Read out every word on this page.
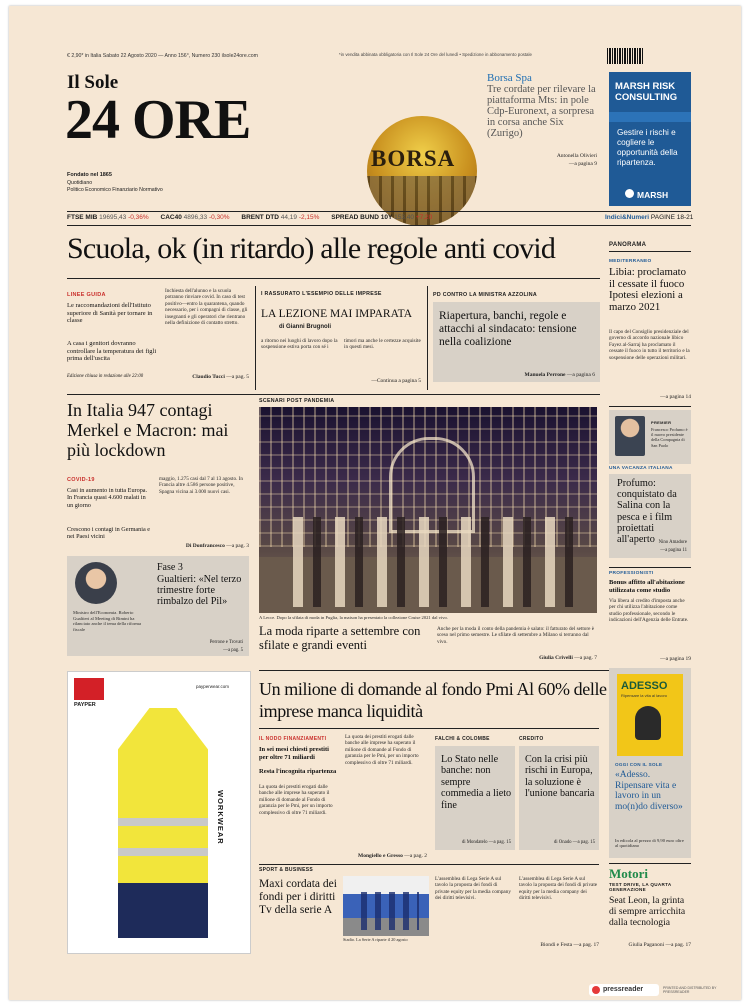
€ 2,90* in Italia Sabato 22 Agosto 2020 — Anno 156°, Numero 230 ilsole24ore.com	*in vendita abbinata obbligatoria con Il Sole 24 Ore del lunedì • Spedizione in abbonamento postale
Il Sole
24 ORE
Fondato nel 1865
Quotidiano
Politico Economico Finanziario Normativo
BORSA
Borsa Spa
Tre cordate per rilevare la piattaforma Mts: in pole Cdp-Euronext, a sorpresa in corsa anche Six (Zurigo)
Antonella Olivieri
—a pagina 9
MARSH RISK CONSULTING
Gestire i rischi e cogliere le opportunità della ripartenza.
MARSH
FTSE MIB 19695,43 -0,36% CAC40 4896,33 -0,30% BRENT DTD 44,19 -2,15% SPREAD BUND 10Y 153,40 +7,20	Indici&Numeri PAGINE 18-21
Scuola, ok (in ritardo) alle regole anti covid
LINEE GUIDA
Le raccomandazioni dell'Istituto superiore di Sanità per tornare in classe
A casa i genitori dovranno controllare la temperatura dei figli prima dell'uscita
Edizione chiusa in redazione alle 22:00
Inchiesta dell'alunno e la scuola potranno rinviare covid. In caso di test positivo—entro la quarantena, quando necessario, per i compagni di classe, gli insegnanti e gli operatori che rientrano nella definizione di contatto stretto.
Claudio Tucci —a pag. 5
I RASSURATO L'ESEMPIO DELLE IMPRESE
LA LEZIONE MAI IMPARATA
di Gianni Brugnoli
a ritorno nei luoghi di lavoro dopo la sospensione estiva porta con sé i timori ma anche le certezze acquisite in questi mesi.
—Continua a pagina 5
PD CONTRO LA MINISTRA AZZOLINA
Riapertura, banchi, regole e attacchi al sindacato: tensione nella coalizione
Manuela Perrone —a pagina 6
PANORAMA
MEDITERRANEO
Libia: proclamato il cessate il fuoco Ipotesi elezioni a marzo 2021
Il capo del Consiglio presidenziale del governo di accordo nazionale libico Fayez al-Sarraj ha proclamato il cessate il fuoco in tutto il territorio e la sospensione delle operazioni militari.
—a pagina 14
PREMIER
Francesco Profumo è il nuovo presidente della Compagnia di San Paolo
UNA VACANZA ITALIANA
Profumo: conquistato da Salina con la pesca e i film proiettati all'aperto Nino Amadore
—a pagina 11
PROFESSIONISTI
Bonus affitto all'abitazione utilizzata come studio
Via libera al credito d'imposta anche per chi utilizza l'abitazione come studio professionale, secondo le indicazioni dell'Agenzia delle Entrate.
—a pagina 19
In Italia 947 contagi Merkel e Macron: mai più lockdown
COVID-19
Casi in aumento in tutta Europa. In Francia quasi 4.600 malati in un giorno
Crescono i contagi in Germania e nei Paesi vicini
maggio, 1.275 casi dal 7 al 13 agosto. In Francia altre 4.586 persone positive, Spagna vicina ai 3.000 nuovi casi.
Di Donfrancesco —a pag. 3
Fase 3
Gualtieri: «Nel terzo trimestre forte rimbalzo del Pil»
Ministro dell'Economia. Roberto Gualtieri al Meeting di Rimini ha rilanciato anche il tema della riforma fiscale
Perrone e Trovati
—a pag. 5
SCENARI POST PANDEMIA
A Lecce. Dopo la sfilata di moda in Puglia, la maison ha presentato la collezione Cruise 2021 dal vivo.
La moda riparte a settembre con sfilate e grandi eventi
Anche per la moda il conto della pandemia è salato: il fatturato del settore è sceso nel primo semestre. Le sfilate di settembre a Milano si terranno dal vivo.
Giulia Crivelli —a pag. 7
PAYPER
payperwear.com
WORKWEAR
Un milione di domande al fondo Pmi Al 60% delle imprese manca liquidità
IL NODO FINANZIAMENTI
In sei mesi chiesti prestiti per oltre 71 miliardi
Resta l'incognita ripartenza
La quota dei prestiti erogati dalle banche alle imprese ha superato il milione di domande al Fondo di garanzia per le Pmi, per un importo complessivo di oltre 71 miliardi.
La quota dei prestiti erogati dalle banche alle imprese ha superato il milione di domande al Fondo di garanzia per le Pmi, per un importo complessivo di oltre 71 miliardi.
Mongiello e Gresso —a pag. 2
FALCHI & COLOMBE
Lo Stato nelle banche: non sempre commedia a lieto fine
di Mondatelo —a pag. 15
CREDITO
Con la crisi più rischi in Europa, la soluzione è l'unione bancaria
di Onado —a pag. 15
ADESSO
Ripensare la vita al lavoro
OGGI CON IL SOLE
«Adesso. Ripensare vita e lavoro in un mo(n)do diverso»
In edicola al prezzo di 9,90 euro oltre al quotidiano
SPORT & BUSINESS
Maxi cordata dei fondi per i diritti Tv della serie A
Stadio. La Serie A riparte il 20 agosto
L'assemblea di Lega Serie A sul tavolo la proposta dei fondi di private equity per la media company dei diritti televisivi.
L'assemblea di Lega Serie A sul tavolo la proposta dei fondi di private equity per la media company dei diritti televisivi.
Biondi e Festa —a pag. 17
Motori
TEST DRIVE, LA QUARTA GENERAZIONE
Seat Leon, la grinta di sempre arricchita dalla tecnologia
Giulia Paganoni —a pag. 17
pressreader	PRINTED AND DISTRIBUTED BY PRESSREADER
